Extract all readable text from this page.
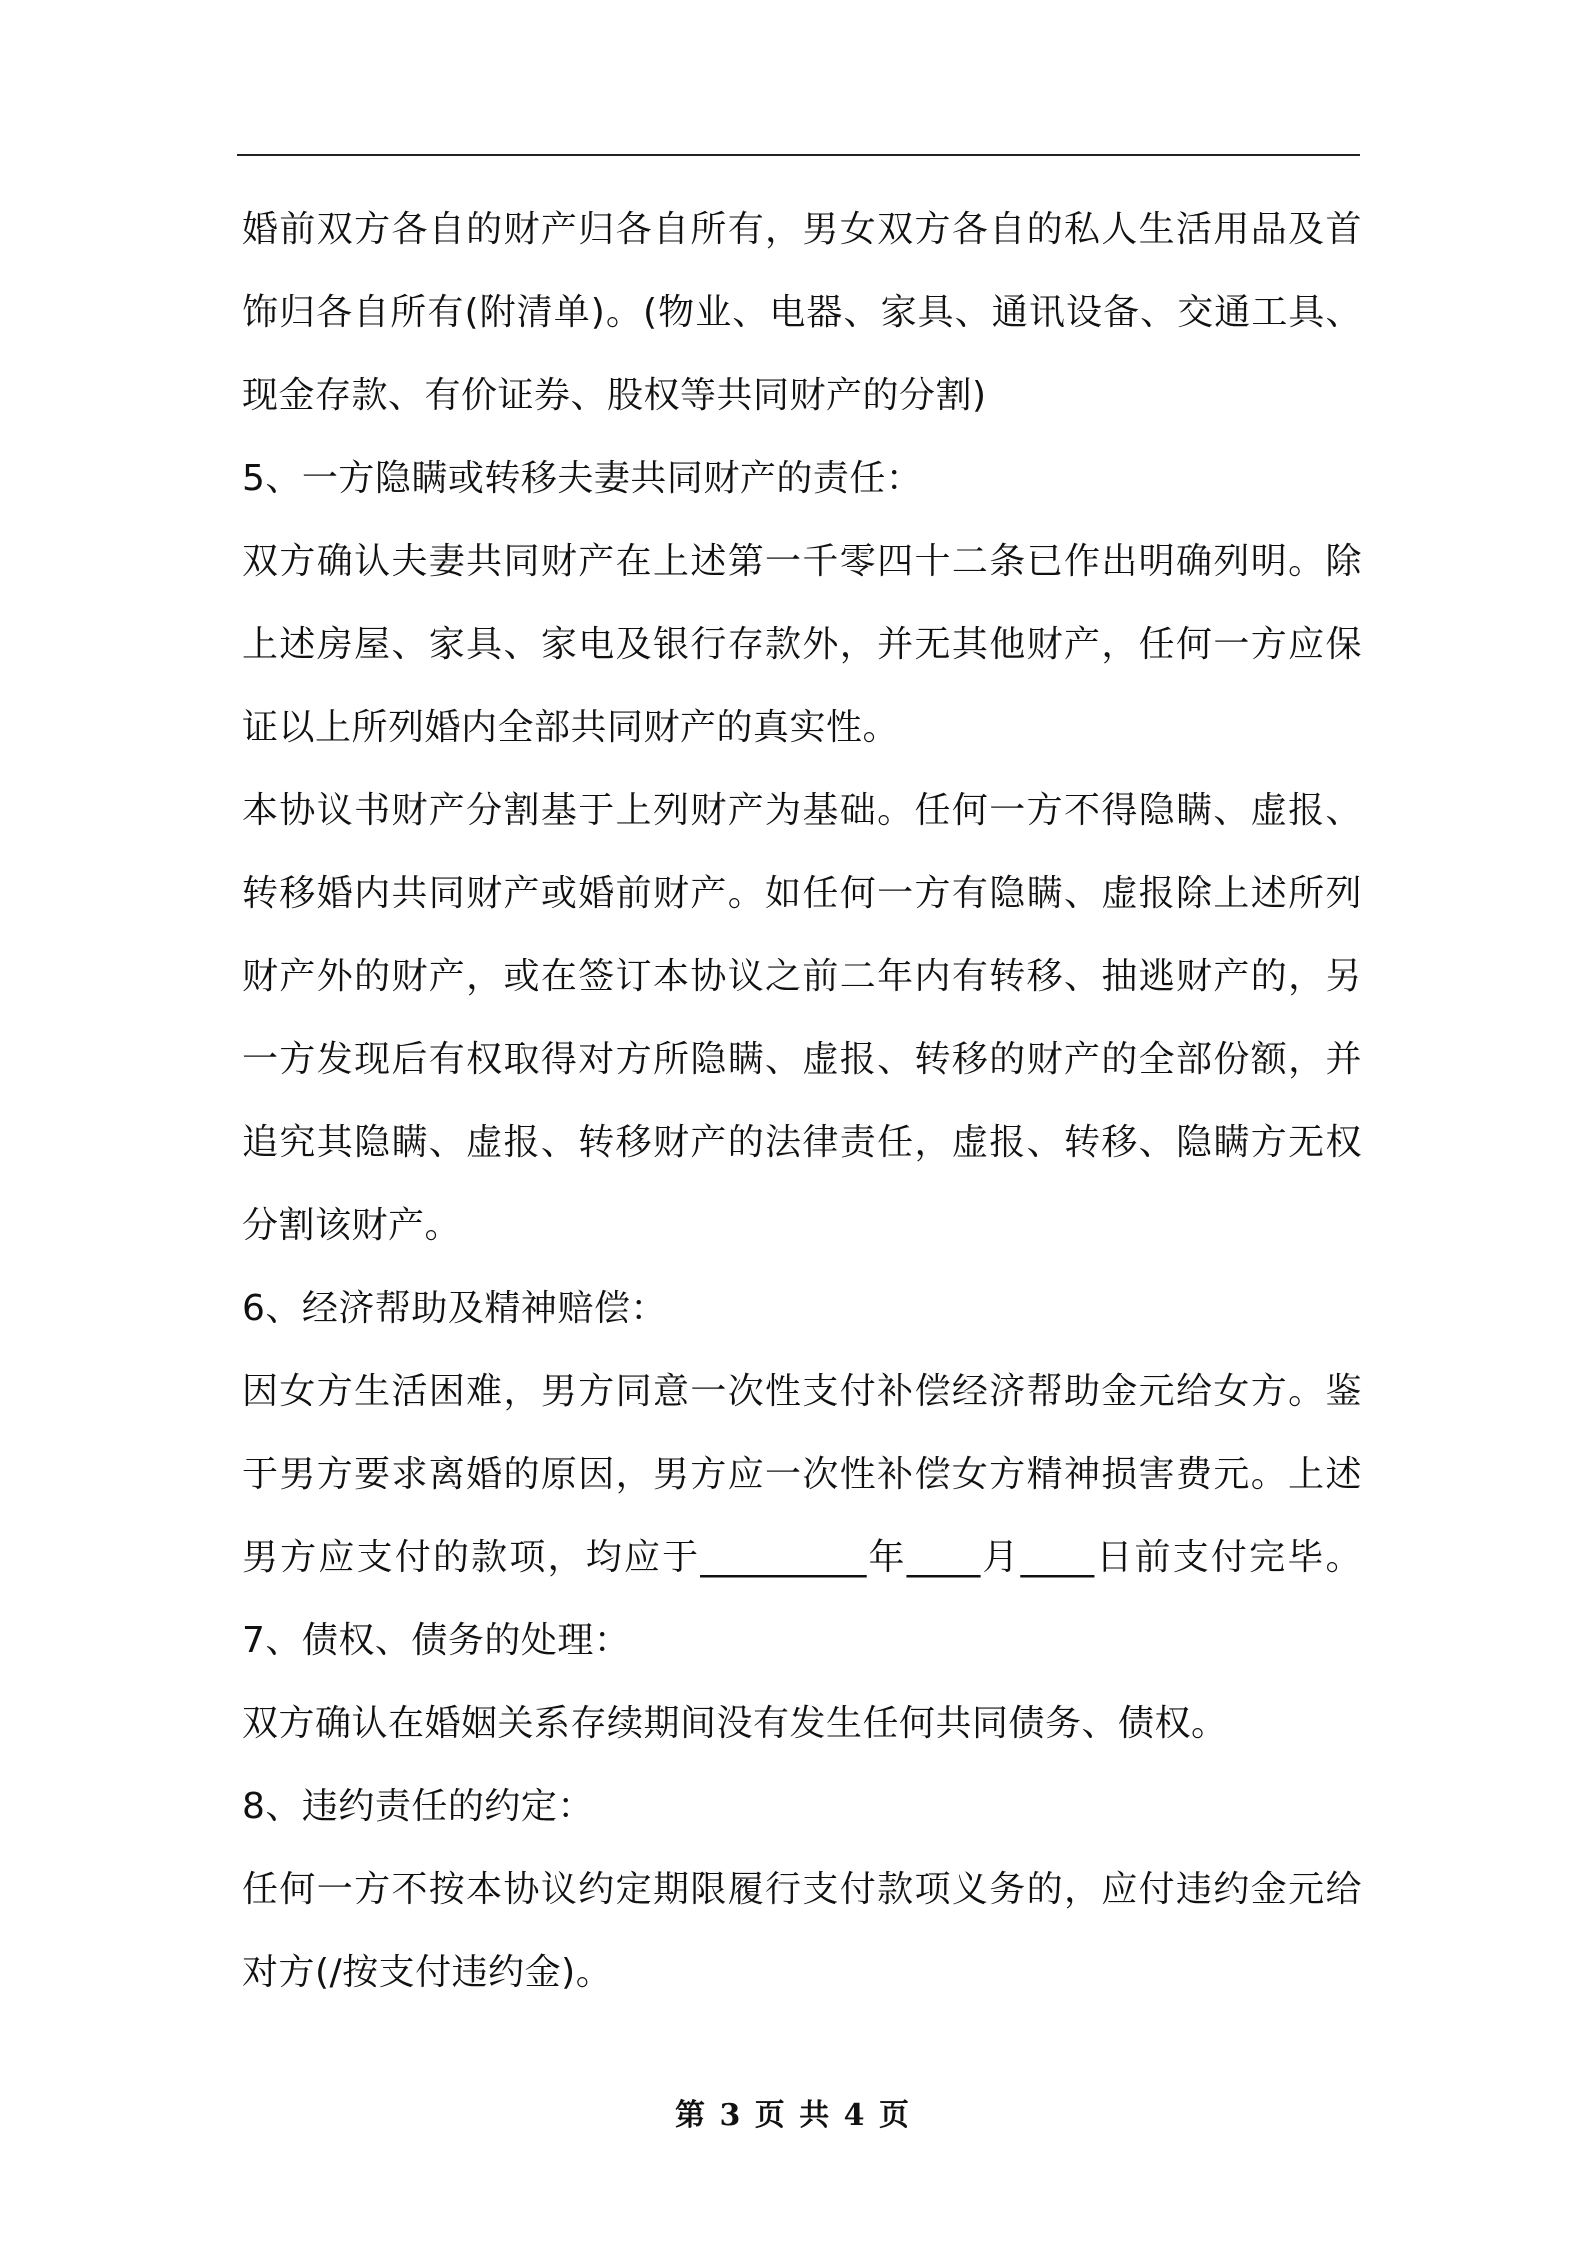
婚前双方各自的财产归各自所有，男女双方各自的私人生活用品及首
饰归各自所有(附清单)。(物业、电器、家具、通讯设备、交通工具、
现金存款、有价证券、股权等共同财产的分割)
5、一方隐瞒或转移夫妻共同财产的责任：
双方确认夫妻共同财产在上述第一千零四十二条已作出明确列明。除
上述房屋、家具、家电及银行存款外，并无其他财产，任何一方应保
证以上所列婚内全部共同财产的真实性。
本协议书财产分割基于上列财产为基础。任何一方不得隐瞒、虚报、
转移婚内共同财产或婚前财产。如任何一方有隐瞒、虚报除上述所列
财产外的财产，或在签订本协议之前二年内有转移、抽逃财产的，另
一方发现后有权取得对方所隐瞒、虚报、转移的财产的全部份额，并
追究其隐瞒、虚报、转移财产的法律责任，虚报、转移、隐瞒方无权
分割该财产。
6、经济帮助及精神赔偿：
因女方生活困难，男方同意一次性支付补偿经济帮助金元给女方。鉴
于男方要求离婚的原因，男方应一次性补偿女方精神损害费元。上述
男方应支付的款项，均应于_________年____月____日前支付完毕。
7、债权、债务的处理：
双方确认在婚姻关系存续期间没有发生任何共同债务、债权。
8、违约责任的约定：
任何一方不按本协议约定期限履行支付款项义务的，应付违约金元给
对方(/按支付违约金)。
第 3 页 共 4 页
